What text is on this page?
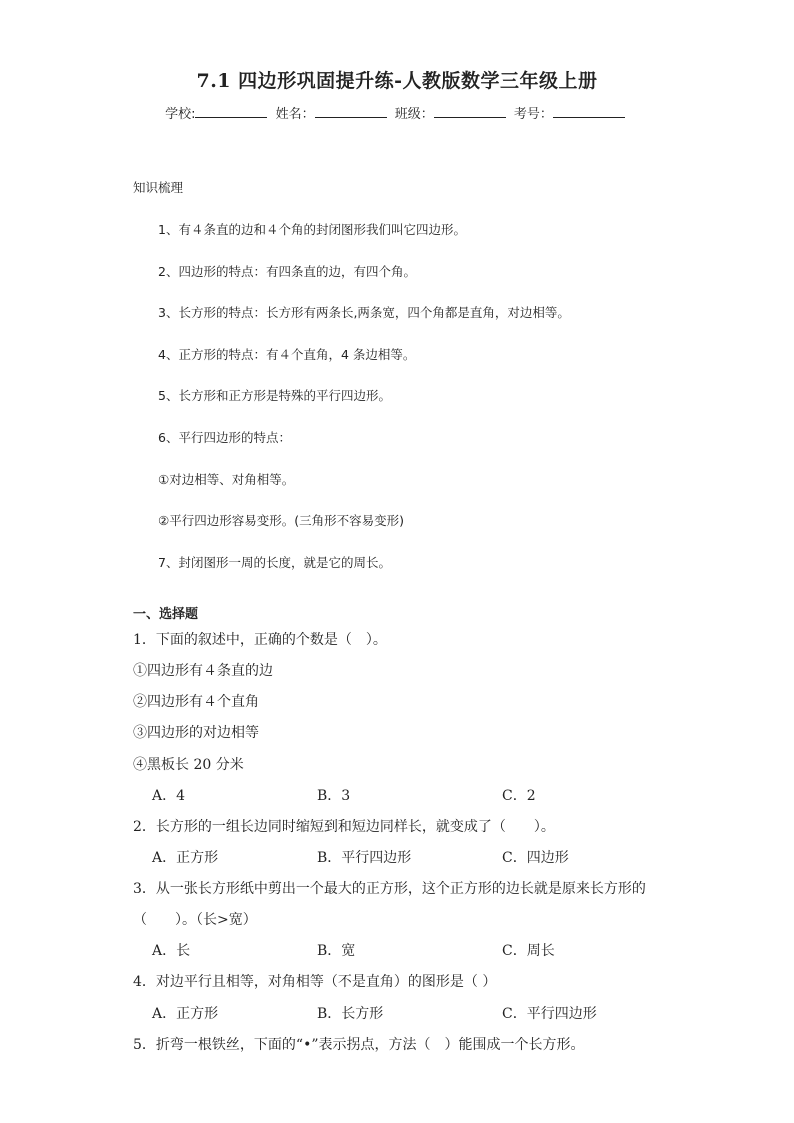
7.1 四边形巩固提升练-人教版数学三年级上册
学校:	姓名：	班级：	考号：
知识梳理
1、有４条直的边和４个角的封闭图形我们叫它四边形。
2、四边形的特点：有四条直的边，有四个角。
3、长方形的特点：长方形有两条长,两条宽，四个角都是直角，对边相等。
4、正方形的特点：有４个直角，4 条边相等。
5、长方形和正方形是特殊的平行四边形。
6、平行四边形的特点：
①对边相等、对角相等。
②平行四边形容易变形。(三角形不容易变形)
7、封闭图形一周的长度，就是它的周长。
一、选择题
1．下面的叙述中，正确的个数是（　）。
①四边形有４条直的边
②四边形有４个直角
③四边形的对边相等
④黑板长 20 分米
A．4	B．3	C．2
2．长方形的一组长边同时缩短到和短边同样长，就变成了（　　）。
A．正方形	B．平行四边形	C．四边形
3．从一张长方形纸中剪出一个最大的正方形，这个正方形的边长就是原来长方形的
（　　）。（长>宽）
A．长	B．宽	C．周长
4．对边平行且相等，对角相等（不是直角）的图形是（ ）
A．正方形	B．长方形	C．平行四边形
5．折弯一根铁丝，下面的“•”表示拐点，方法（　）能围成一个长方形。
